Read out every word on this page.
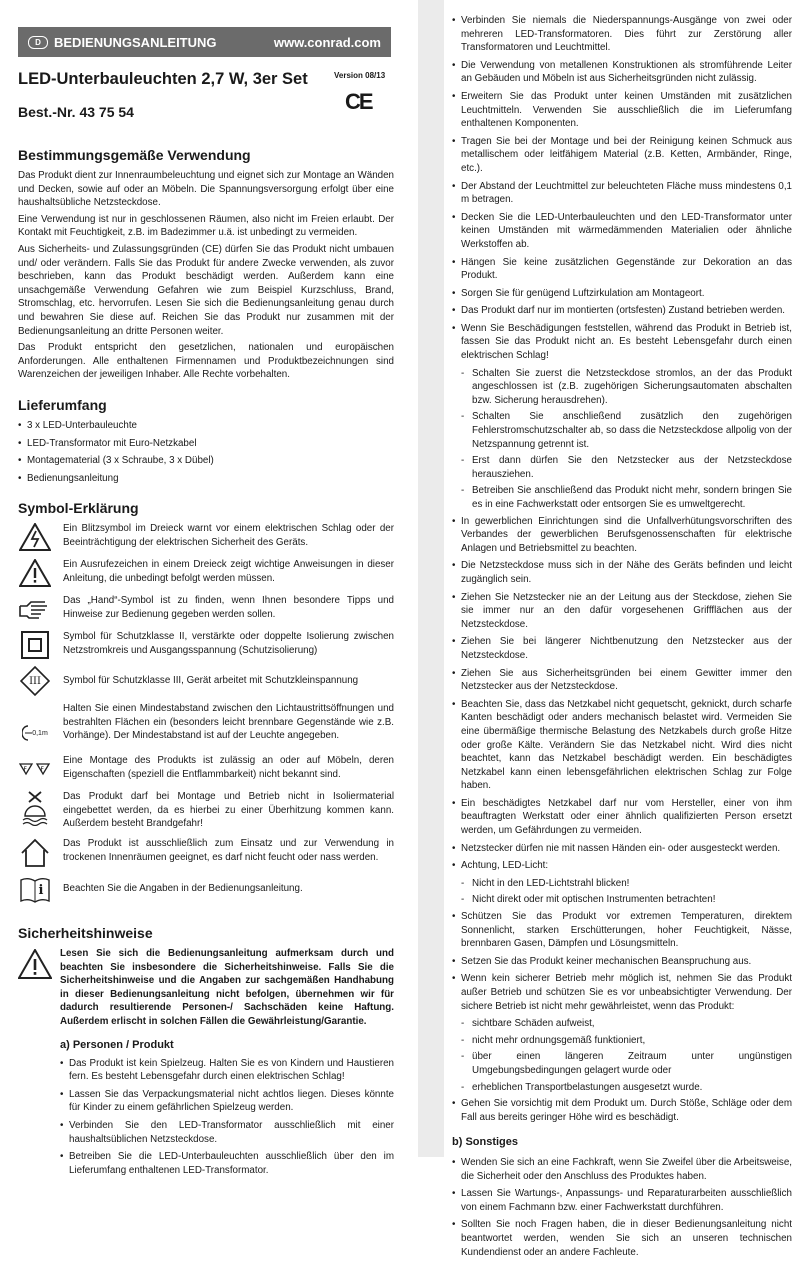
D	BEDIENUNGSANLEITUNG	www.conrad.com
LED-Unterbauleuchten 2,7 W, 3er Set
Best.-Nr. 43 75 54
Version 08/13
CE
Bestimmungsgemäße Verwendung

Das Produkt dient zur Innenraumbeleuchtung und eignet sich zur Montage an Wänden und Decken, sowie auf oder an Möbeln. Die Spannungsversorgung erfolgt über eine haushaltsübliche Netzsteckdose.

Eine Verwendung ist nur in geschlossenen Räumen, also nicht im Freien erlaubt. Der Kontakt mit Feuchtigkeit, z.B. im Badezimmer u.ä. ist unbedingt zu vermeiden.

Aus Sicherheits- und Zulassungsgründen (CE) dürfen Sie das Produkt nicht umbauen und/ oder verändern. Falls Sie das Produkt für andere Zwecke verwenden, als zuvor beschrieben, kann das Produkt beschädigt werden. Außerdem kann eine unsachgemäße Verwendung Gefahren wie zum Beispiel Kurzschluss, Brand, Stromschlag, etc. hervorrufen. Lesen Sie sich die Bedienungsanleitung genau durch und bewahren Sie diese auf. Reichen Sie das Produkt nur zusammen mit der Bedienungsanleitung an dritte Personen weiter.

Das Produkt entspricht den gesetzlichen, nationalen und europäischen Anforderungen. Alle enthaltenen Firmennamen und Produktbezeichnungen sind Warenzeichen der jeweiligen Inhaber. Alle Rechte vorbehalten.

Lieferumfang
• 3 x LED-Unterbauleuchte
• LED-Transformator mit Euro-Netzkabel
• Montagematerial (3 x Schraube, 3 x Dübel)
• Bedienungsanleitung
Symbol-Erklärung
Ein Blitzsymbol im Dreieck warnt vor einem elektrischen Schlag oder der Beeinträchtigung der elektrischen Sicherheit des Geräts.
Ein Ausrufezeichen in einem Dreieck zeigt wichtige Anweisungen in dieser Anleitung, die unbedingt befolgt werden müssen.
Das „Hand“-Symbol ist zu finden, wenn Ihnen besondere Tipps und Hinweise zur Bedienung gegeben werden sollen.
Symbol für Schutzklasse II, verstärkte oder doppelte Isolierung zwischen Netzstromkreis und Ausgangsspannung (Schutzisolierung)
III Symbol für Schutzklasse III, Gerät arbeitet mit Schutzkleinspannung
0,1m
Halten Sie einen Mindestabstand zwischen den Lichtaustrittsöffnungen und bestrahlten Flächen ein (besonders leicht brennbare Gegenstände wie z.B. Vorhänge). Der Mindestabstand ist auf der Leuchte angegeben.
F F
Eine Montage des Produkts ist zulässig an oder auf Möbeln, deren Eigenschaften (speziell die Entflammbarkeit) nicht bekannt sind.
Das Produkt darf bei Montage und Betrieb nicht in Isoliermaterial eingebettet werden, da es hierbei zu einer Überhitzung kommen kann. Außerdem besteht Brandgefahr!
Das Produkt ist ausschließlich zum Einsatz und zur Verwendung in trockenen Innenräumen geeignet, es darf nicht feucht oder nass werden.
i Beachten Sie die Angaben in der Bedienungsanleitung.
Sicherheitshinweise
Lesen Sie sich die Bedienungsanleitung aufmerksam durch und beachten Sie insbesondere die Sicherheitshinweise. Falls Sie die Sicherheitshinweise und die Angaben zur sachgemäßen Handhabung in dieser Bedienungsanleitung nicht befolgen, übernehmen wir für dadurch resultierende Personen-/ Sachschäden keine Haftung. Außerdem erlischt in solchen Fällen die Gewährleistung/Garantie.
a) Personen / Produkt
• Das Produkt ist kein Spielzeug. Halten Sie es von Kindern und Haustieren fern. Es besteht Lebensgefahr durch einen elektrischen Schlag!
• Lassen Sie das Verpackungsmaterial nicht achtlos liegen. Dieses könnte für Kinder zu einem gefährlichen Spielzeug werden.
• Verbinden Sie den LED-Transformator ausschließlich mit einer haushaltsüblichen Netzsteckdose.
• Betreiben Sie die LED-Unterbauleuchten ausschließlich über den im Lieferumfang enthaltenen LED-Transformator.
• Verbinden Sie niemals die Niederspannungs-Ausgänge von zwei oder mehreren LED-Transformatoren. Dies führt zur Zerstörung aller Transformatoren und Leuchtmittel.
• Die Verwendung von metallenen Konstruktionen als stromführende Leiter an Gebäuden und Möbeln ist aus Sicherheitsgründen nicht zulässig.
• Erweitern Sie das Produkt unter keinen Umständen mit zusätzlichen Leuchtmitteln. Verwenden Sie ausschließlich die im Lieferumfang enthaltenen Komponenten.
• Tragen Sie bei der Montage und bei der Reinigung keinen Schmuck aus metallischem oder leitfähigem Material (z.B. Ketten, Armbänder, Ringe, etc.).
• Der Abstand der Leuchtmittel zur beleuchteten Fläche muss mindestens 0,1 m betragen.
• Decken Sie die LED-Unterbauleuchten und den LED-Transformator unter keinen Umständen mit wärmedämmenden Materialien oder ähnliche Werkstoffen ab.
• Hängen Sie keine zusätzlichen Gegenstände zur Dekoration an das Produkt.
• Sorgen Sie für genügend Luftzirkulation am Montageort.
• Das Produkt darf nur im montierten (ortsfesten) Zustand betrieben werden.
• Wenn Sie Beschädigungen feststellen, während das Produkt in Betrieb ist, fassen Sie das Produkt nicht an. Es besteht Lebensgefahr durch einen elektrischen Schlag!
- Schalten Sie zuerst die Netzsteckdose stromlos, an der das Produkt angeschlossen ist (z.B. zugehörigen Sicherungsautomaten abschalten bzw. Sicherung herausdrehen).
- Schalten Sie anschließend zusätzlich den zugehörigen Fehlerstromschutzschalter ab, so dass die Netzsteckdose allpolig von der Netzspannung getrennt ist.
- Erst dann dürfen Sie den Netzstecker aus der Netzsteckdose herausziehen.
- Betreiben Sie anschließend das Produkt nicht mehr, sondern bringen Sie es in eine Fachwerkstatt oder entsorgen Sie es umweltgerecht.
• In gewerblichen Einrichtungen sind die Unfallverhütungsvorschriften des Verbandes der gewerblichen Berufsgenossenschaften für elektrische Anlagen und Betriebsmittel zu beachten.
• Die Netzsteckdose muss sich in der Nähe des Geräts befinden und leicht zugänglich sein.
• Ziehen Sie Netzstecker nie an der Leitung aus der Steckdose, ziehen Sie sie immer nur an den dafür vorgesehenen Griffflächen aus der Netzsteckdose.
• Ziehen Sie bei längerer Nichtbenutzung den Netzstecker aus der Netzsteckdose.
• Ziehen Sie aus Sicherheitsgründen bei einem Gewitter immer den Netzstecker aus der Netzsteckdose.
• Beachten Sie, dass das Netzkabel nicht gequetscht, geknickt, durch scharfe Kanten beschädigt oder anders mechanisch belastet wird. Vermeiden Sie eine übermäßige thermische Belastung des Netzkabels durch große Hitze oder große Kälte. Verändern Sie das Netzkabel nicht. Wird dies nicht beachtet, kann das Netzkabel beschädigt werden. Ein beschädigtes Netzkabel kann einen lebensgefährlichen elektrischen Schlag zur Folge haben.
• Ein beschädigtes Netzkabel darf nur vom Hersteller, einer von ihm beauftragten Werkstatt oder einer ähnlich qualifizierten Person ersetzt werden, um Gefährdungen zu vermeiden.
• Netzstecker dürfen nie mit nassen Händen ein- oder ausgesteckt werden.
• Achtung, LED-Licht:
- Nicht in den LED-Lichtstrahl blicken!
- Nicht direkt oder mit optischen Instrumenten betrachten!
• Schützen Sie das Produkt vor extremen Temperaturen, direktem Sonnenlicht, starken Erschütterungen, hoher Feuchtigkeit, Nässe, brennbaren Gasen, Dämpfen und Lösungsmitteln.
• Setzen Sie das Produkt keiner mechanischen Beanspruchung aus.
• Wenn kein sicherer Betrieb mehr möglich ist, nehmen Sie das Produkt außer Betrieb und schützen Sie es vor unbeabsichtigter Verwendung. Der sichere Betrieb ist nicht mehr gewährleistet, wenn das Produkt:
- sichtbare Schäden aufweist,
- nicht mehr ordnungsgemäß funktioniert,
- über einen längeren Zeitraum unter ungünstigen Umgebungsbedingungen gelagert wurde oder
- erheblichen Transportbelastungen ausgesetzt wurde.
• Gehen Sie vorsichtig mit dem Produkt um. Durch Stöße, Schläge oder dem Fall aus bereits geringer Höhe wird es beschädigt.
b) Sonstiges
• Wenden Sie sich an eine Fachkraft, wenn Sie Zweifel über die Arbeitsweise, die Sicherheit oder den Anschluss des Produktes haben.
• Lassen Sie Wartungs-, Anpassungs- und Reparaturarbeiten ausschließlich von einem Fachmann bzw. einer Fachwerkstatt durchführen.
• Sollten Sie noch Fragen haben, die in dieser Bedienungsanleitung nicht beantwortet werden, wenden Sie sich an unseren technischen Kundendienst oder an andere Fachleute.
